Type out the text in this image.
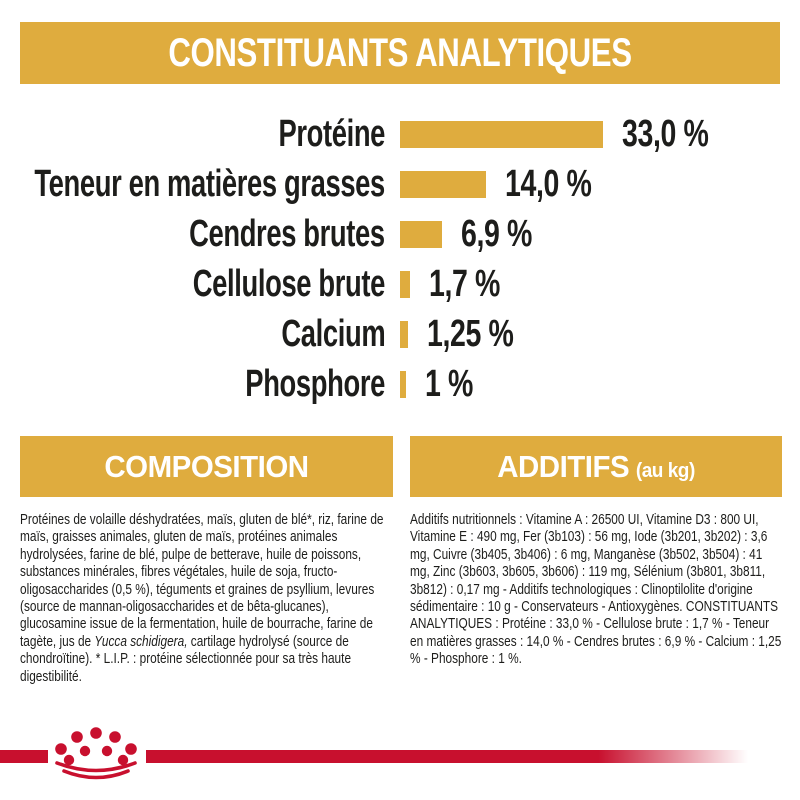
CONSTITUANTS ANALYTIQUES
Protéine	33,0 %
Teneur en matières grasses	14,0 %
Cendres brutes 6,9 %
Cellulose brute 1,7 %
Calcium 1,25 %
Phosphore 1 %
COMPOSITION
Protéines de volaille déshydratées, maïs, gluten de blé*, riz, farine de maïs, graisses animales, gluten de maïs, protéines animales hydrolysées, farine de blé, pulpe de betterave, huile de poissons, substances minérales, fibres végétales, huile de soja, fructo-oligosaccharides (0,5 %), téguments et graines de psyllium, levures (source de mannan-oligosaccharides et de bêta-glucanes), glucosamine issue de la fermentation, huile de bourrache, farine de tagète, jus de Yucca schidigera, cartilage hydrolysé (source de chondroïtine). * L.I.P. : protéine sélectionnée pour sa très haute digestibilité.
ADDITIFS (au kg)
Additifs nutritionnels : Vitamine A : 26500 UI, Vitamine D3 : 800 UI, Vitamine E : 490 mg, Fer (3b103) : 56 mg, Iode (3b201, 3b202) : 3,6 mg, Cuivre (3b405, 3b406) : 6 mg, Manganèse (3b502, 3b504) : 41 mg, Zinc (3b603, 3b605, 3b606) : 119 mg, Sélénium (3b801, 3b811, 3b812) : 0,17 mg - Additifs technologiques : Clinoptilolite d'origine sédimentaire : 10 g - Conservateurs - Antioxygènes. CONSTITUANTS ANALYTIQUES : Protéine : 33,0 % - Cellulose brute : 1,7 % - Teneur en matières grasses : 14,0 % - Cendres brutes : 6,9 % - Calcium : 1,25 % - Phosphore : 1 %.
